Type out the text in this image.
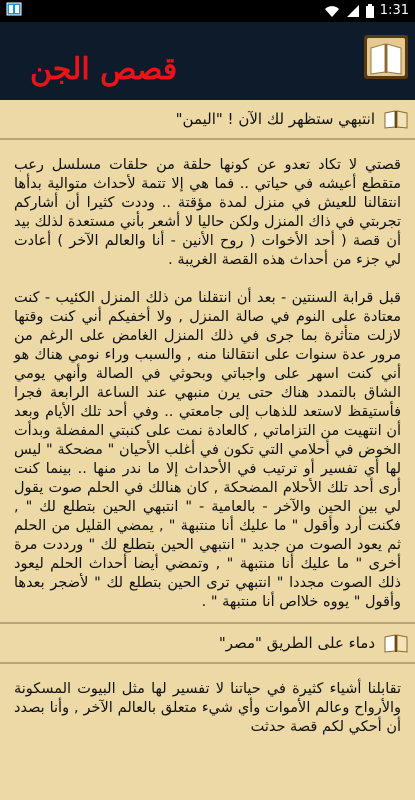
1:31
قصص الجن
انتبهي ستظهر لك الآن ! "اليمن"
قصتي لا تكاد تعدو عن كونها حلقة من حلقات مسلسل رعب متقطع أعيشه في حياتي .. فما هي إلا تتمة لأحداث متوالية بدأها انتقالنا للعيش في منزل لمدة مؤقتة .. وددت كثيرا أن أشاركم تجربتي في ذاك المنزل ولكن حاليا لا أشعر بأني مستعدة لذلك بيد أن قصة ( أحد الأخوات ( روح الأنين - أنا والعالم الآخر ) أعادت لي جزء من أحداث هذه القصة الغريبة .

قبل قرابة السنتين - بعد أن انتقلنا من ذلك المنزل الكئيب - كنت معتادة على النوم في صالة المنزل , ولا أخفيكم أني كنت وقتها لازلت متأثرة بما جرى في ذلك المنزل الغامض على الرغم من مرور عدة سنوات على انتقالنا منه , والسبب وراء نومي هناك هو أني كنت اسهر على واجباتي وبحوثي في الصالة وأنهي يومي الشاق بالتمدد هناك حتى يرن منبهي عند الساعة الرابعة فجرا فأستيقظ لاستعد للذهاب إلى جامعتي .. وفي أحد تلك الأيام وبعد أن انتهيت من التزاماتي , كالعادة نمت على كنبتي المفضلة وبدأت الخوض في أحلامي التي تكون في أغلب الأحيان " مضحكة " ليس لها أي تفسير أو ترتيب في الأحداث إلا ما ندر منها .. بينما كنت أرى أحد تلك الأحلام المضحكة , كان هنالك في الحلم صوت يقول لي بين الحين والآخر - بالعامية - " انتبهي الحين بتطلع لك " , فكنت أرد وأقول " ما عليك أنا منتبهة " , يمضي القليل من الحلم ثم يعود الصوت من جديد " انتبهي الحين بتطلع لك " ورددت مرة أخرى " ما عليك أنا منتبهة " , وتمضي أيضا أحداث الحلم ليعود ذلك الصوت مجددا " انتبهي ترى الحين بتطلع لك " لأضجر بعدها وأقول " يووه خلااص أنا منتبهة " .
دماء على الطريق "مصر"
تقابلنا أشياء كثيرة في حياتنا لا تفسير لها مثل البيوت المسكونة والأرواح وعالم الأموات وأي شيء متعلق بالعالم الآخر , وأنا بصدد أن أحكي لكم قصة حدثت
